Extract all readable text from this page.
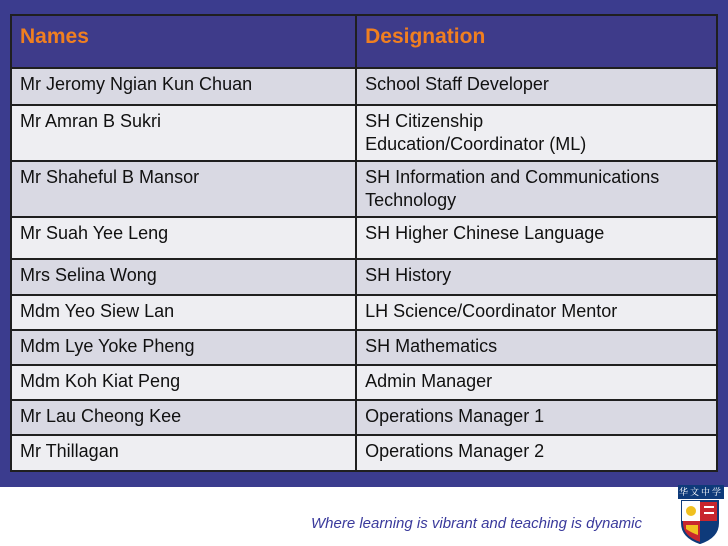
Names	Designation
Mr Jeromy Ngian Kun Chuan	School Staff Developer
Mr Amran B Sukri	SH Citizenship
Education/Coordinator (ML)
Mr Shaheful B Mansor	SH Information and Communications Technology
Mr Suah Yee Leng	SH Higher Chinese Language
Mrs Selina Wong	SH History
Mdm Yeo Siew Lan	LH Science/Coordinator Mentor
Mdm Lye Yoke Pheng	SH Mathematics
Mdm Koh Kiat Peng	Admin Manager
Mr Lau Cheong Kee	Operations Manager 1
Mr Thillagan	Operations Manager 2
Where learning is vibrant and teaching is dynamic
华文中学
